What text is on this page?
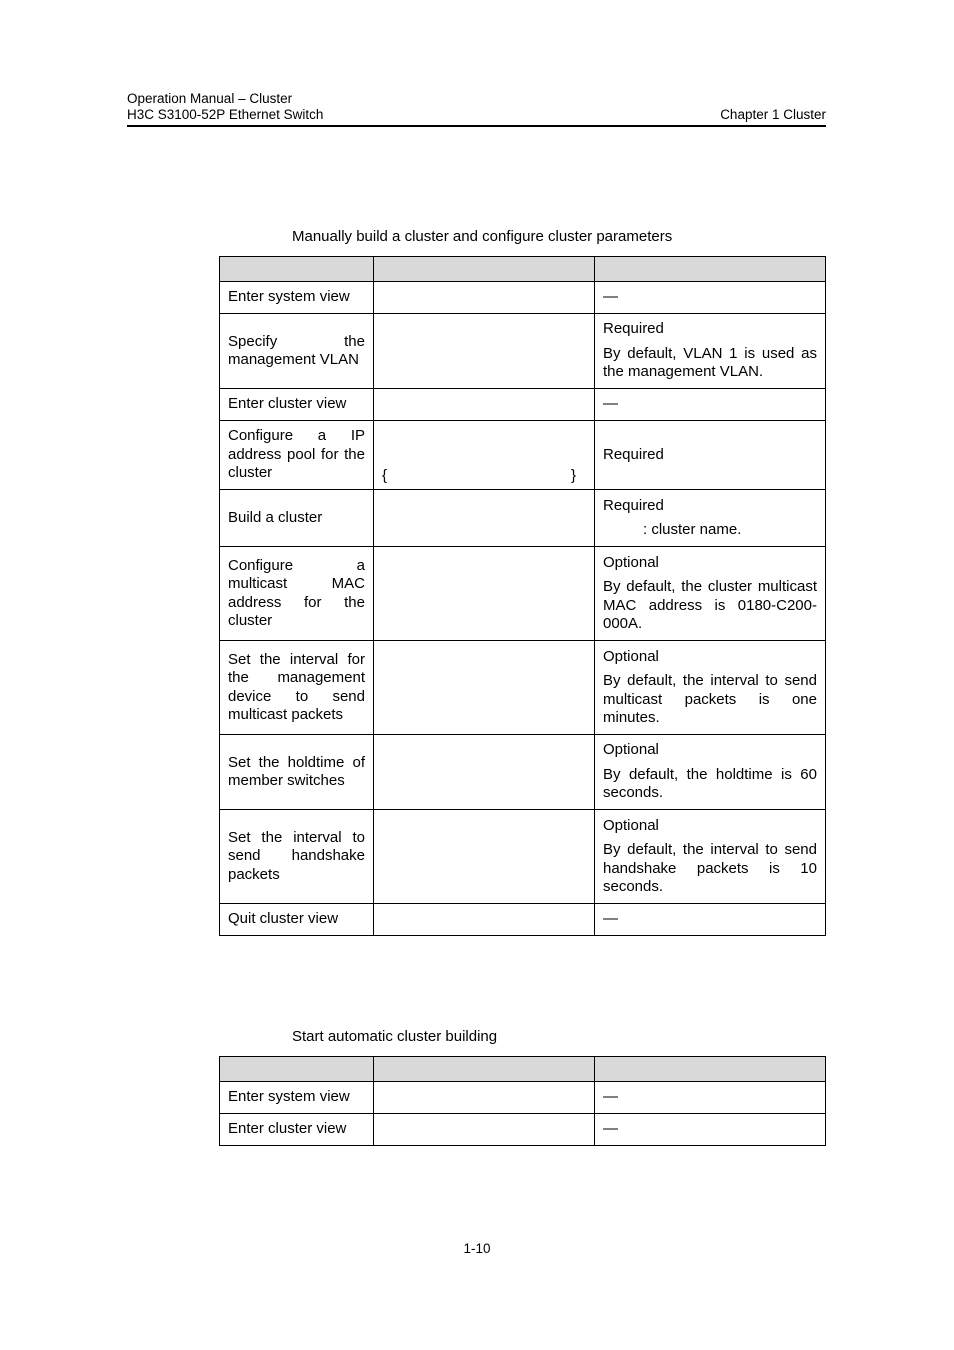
Operation Manual – Cluster
H3C S3100-52P Ethernet Switch	Chapter 1 Cluster
Manually build a cluster and configure cluster parameters

Enter system view		—

Specify the management VLAN		Required

By default, VLAN 1 is used as the management VLAN.

Enter cluster view		—

Configure a IP address pool for the cluster	{ }	Required

Build a cluster		Required

: cluster name.

Configure a multicast MAC address for the cluster		Optional

By default, the cluster multicast MAC address is 0180-C200-000A.

Set the interval for the management device to send multicast packets		Optional

By default, the interval to send multicast packets is one minutes.

Set the holdtime of member switches		Optional

By default, the holdtime is 60 seconds.

Set the interval to send handshake packets		Optional

By default, the interval to send handshake packets is 10 seconds.

Quit cluster view		—

Start automatic cluster building

Enter system view		—

Enter cluster view		—

1-10
